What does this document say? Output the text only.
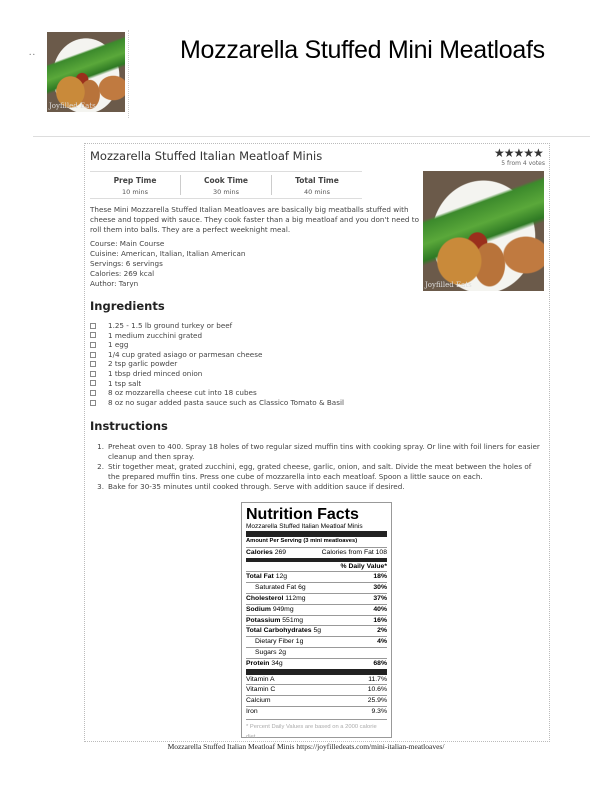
Joyfilled Eats
• •	Mozzarella Stuffed Mini Meatloafs
Mozzarella Stuffed Italian Meatloaf Minis	★★★★★
5 from 4 votes
Prep Time
10 mins
Cook Time
30 mins
Total Time
40 mins
Joyfilled Eats
These Mini Mozzarella Stuffed Italian Meatloaves are basically big meatballs stuffed with cheese and topped with sauce. They cook faster than a big meatloaf and you don't need to roll them into balls. They are a perfect weeknight meal.
Course: Main Course
Cuisine: American, Italian, Italian American
Servings: 6 servings
Calories: 269 kcal
Author: Taryn
Ingredients
1.25 - 1.5 lb ground turkey or beef
1 medium zucchini grated
1 egg
1/4 cup grated asiago or parmesan cheese
2 tsp garlic powder
1 tbsp dried minced onion
1 tsp salt
8 oz mozzarella cheese cut into 18 cubes
8 oz no sugar added pasta sauce such as Classico Tomato & Basil
Instructions
1. Preheat oven to 400. Spray 18 holes of two regular sized muffin tins with cooking spray. Or line with foil liners for easier cleanup and then spray.
2. Stir together meat, grated zucchini, egg, grated cheese, garlic, onion, and salt. Divide the meat between the holes of the prepared muffin tins. Press one cube of mozzarella into each meatloaf. Spoon a little sauce on each.
3. Bake for 30-35 minutes until cooked through. Serve with addition sauce if desired.
Nutrition Facts
Mozzarella Stuffed Italian Meatloaf Minis
Amount Per Serving (3 mini meatloaves)
Calories 269	Calories from Fat 108
% Daily Value*
Total Fat 12g	18%
Saturated Fat 6g	30%
Cholesterol 112mg	37%
Sodium 949mg	40%
Potassium 551mg	16%
Total Carbohydrates 5g	2%
Dietary Fiber 1g	4%
Sugars 2g
Protein 34g	68%
Vitamin A	11.7%
Vitamin C	10.6%
Calcium	25.9%
Iron	9.3%
* Percent Daily Values are based on a 2000 calorie diet.
Mozzarella Stuffed Italian Meatloaf Minis https://joyfilledeats.com/mini-italian-meatloaves/
